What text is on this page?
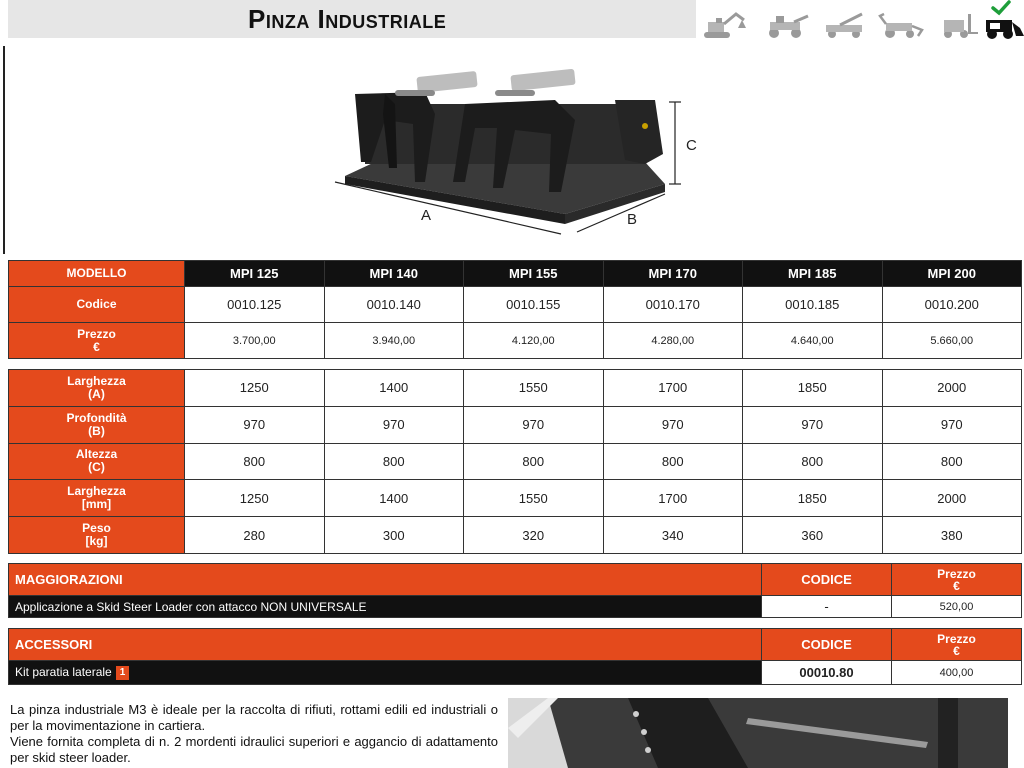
Pinza Industriale
A	B
C
MODELLO	MPI 125	MPI 140	MPI 155	MPI 170	MPI 185	MPI 200
Codice	0010.125	0010.140	0010.155	0010.170	0010.185	0010.200

Prezzo
€	3.700,00	3.940,00	4.120,00	4.280,00	4.640,00	5.660,00
Larghezza
(A)	1250	1400	1550	1700	1850	2000

Profondità
(B)	970	970	970	970	970	970

Altezza
(C)	800	800	800	800	800	800

Larghezza
[mm]	1250	1400	1550	1700	1850	2000

Peso
[kg]	280	300	320	340	360	380
MAGGIORAZIONI	CODICE	Prezzo
€

Applicazione a Skid Steer Loader con attacco NON UNIVERSALE	-	520,00
ACCESSORI	CODICE	Prezzo
€

Kit paratia laterale 1	00010.80	400,00
La pinza industriale M3 è ideale per la raccolta di rifiuti, rottami edili ed industriali o per la movimentazione in cartiera.
Viene fornita completa di n. 2 mordenti idraulici superiori e aggancio di adattamento per skid steer loader.
